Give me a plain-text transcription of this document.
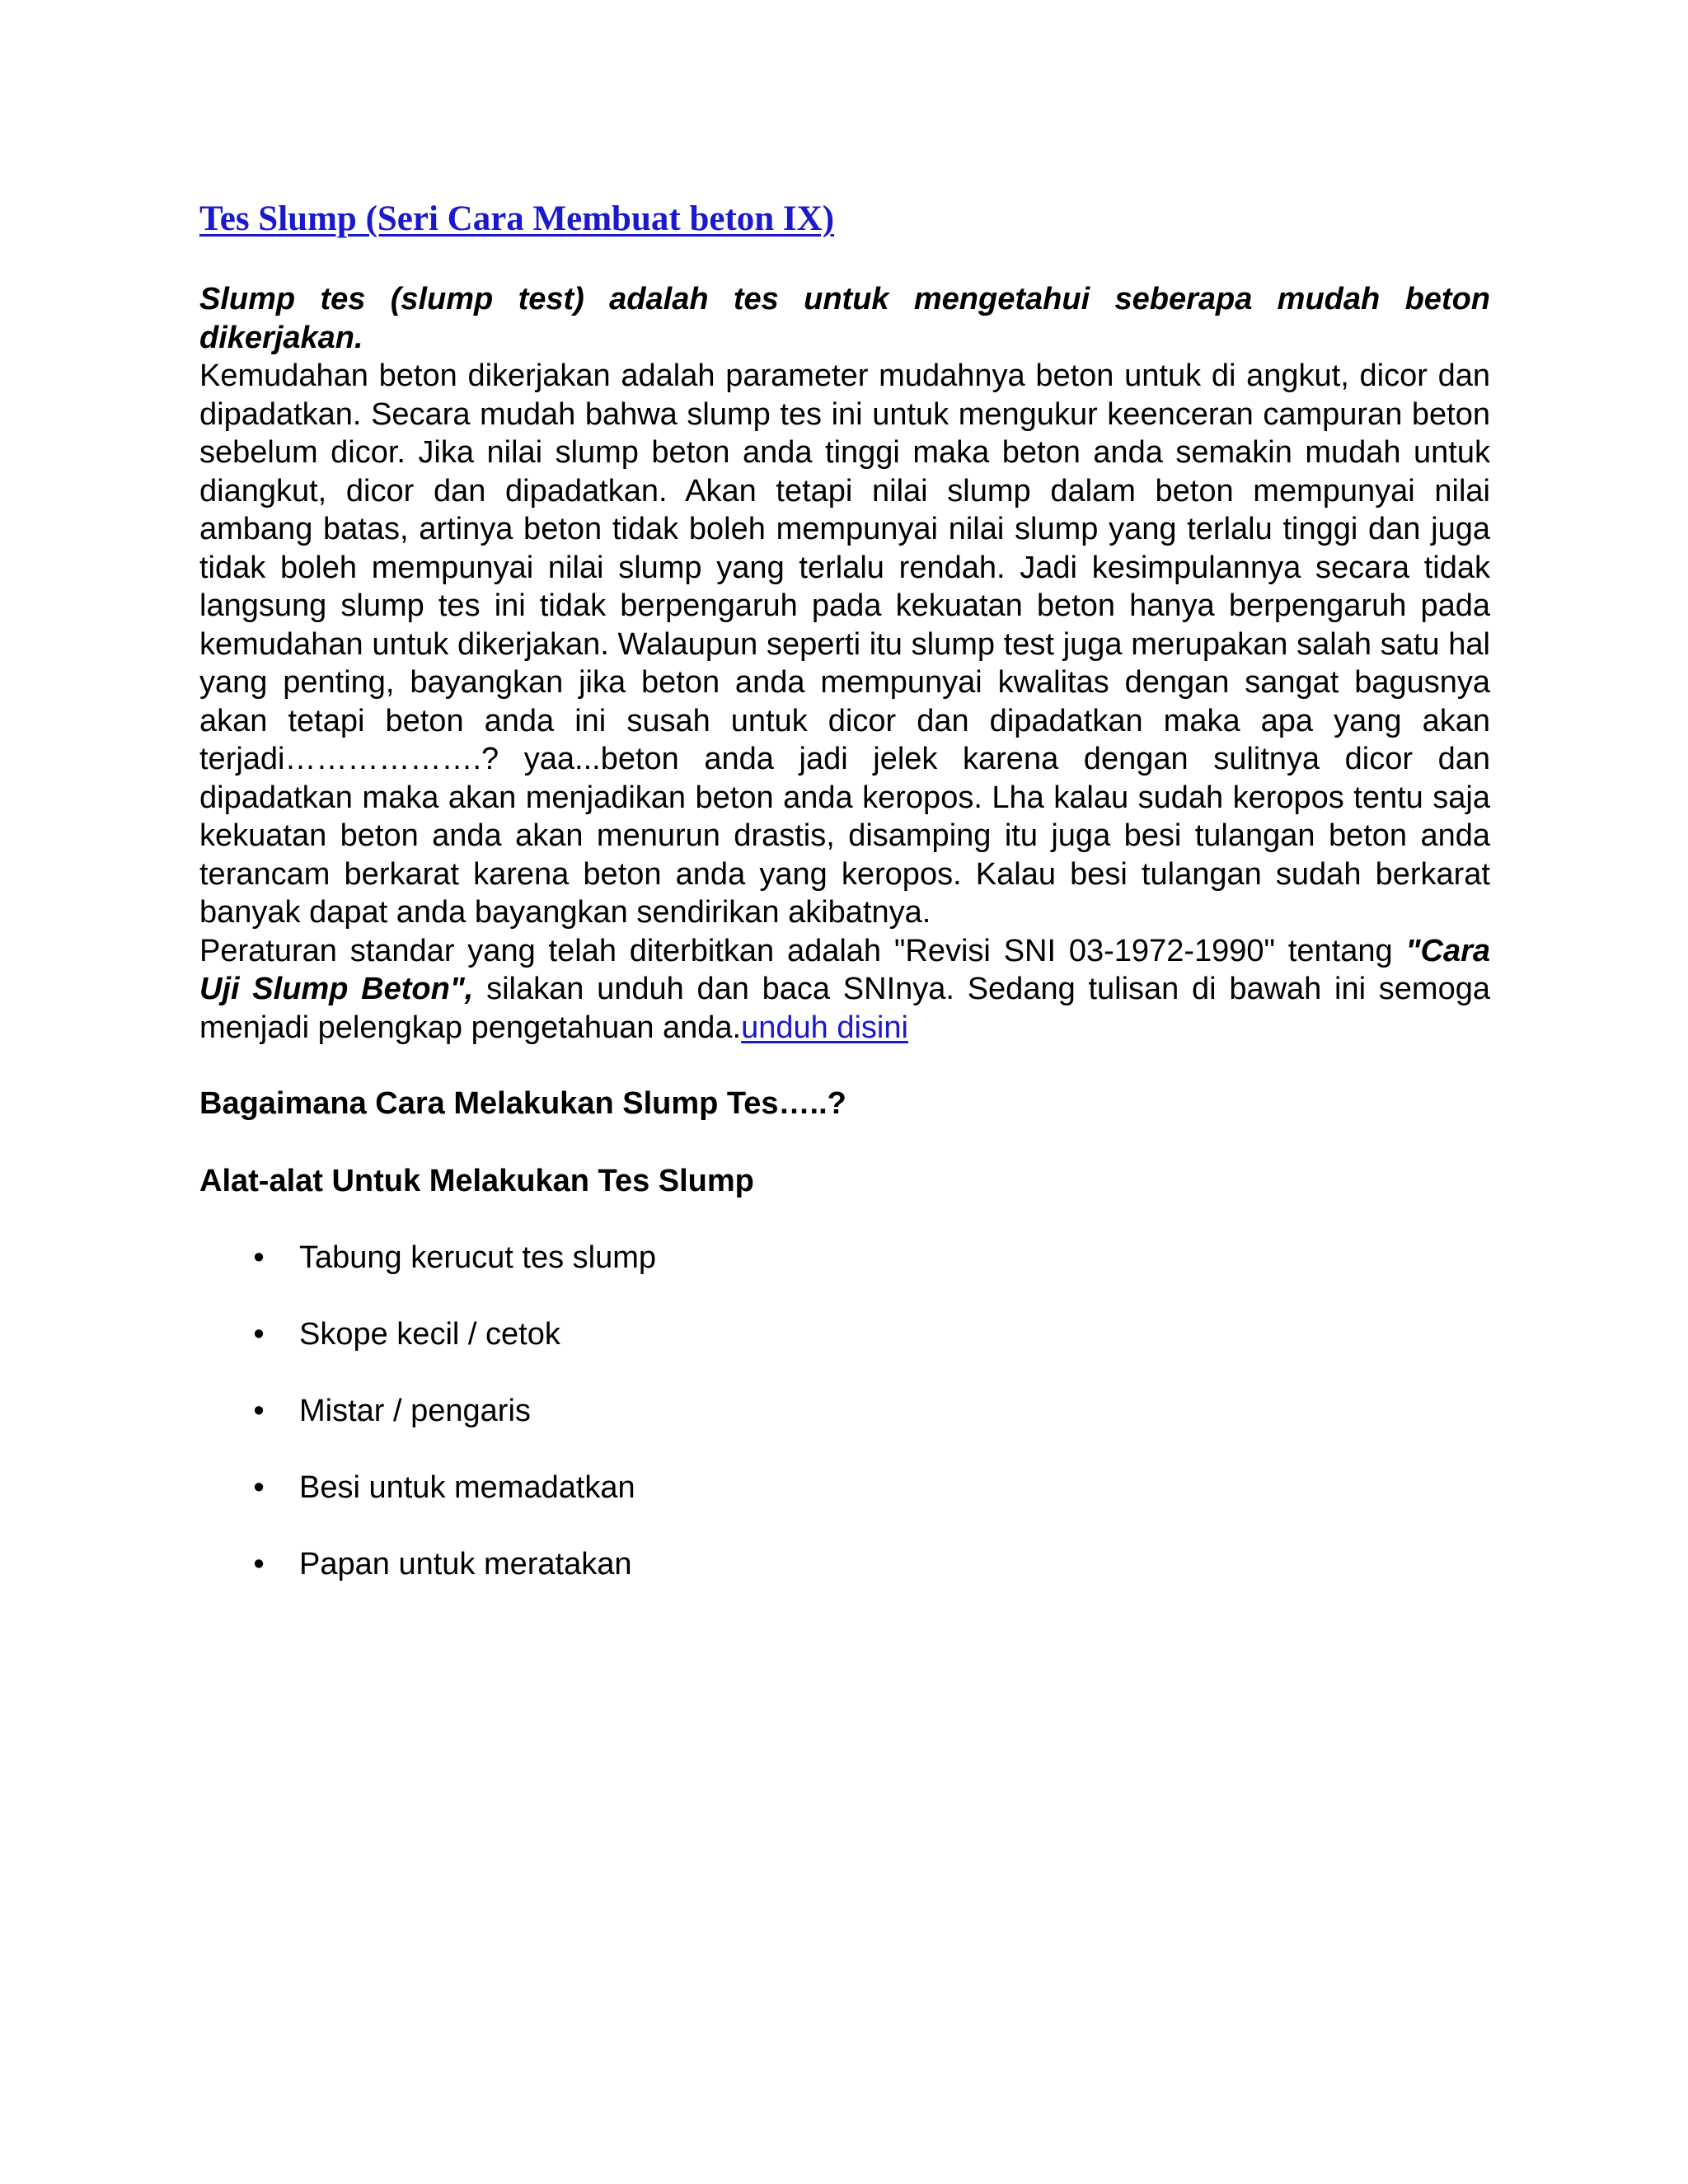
Tes Slump (Seri Cara Membuat beton IX)

Slump tes (slump test) adalah tes untuk mengetahui seberapa mudah beton dikerjakan.

Kemudahan beton dikerjakan adalah parameter mudahnya beton untuk di angkut, dicor dan dipadatkan. Secara mudah bahwa slump tes ini untuk mengukur keenceran campuran beton sebelum dicor. Jika nilai slump beton anda tinggi maka beton anda semakin mudah untuk diangkut, dicor dan dipadatkan. Akan tetapi nilai slump dalam beton mempunyai nilai ambang batas, artinya beton tidak boleh mempunyai nilai slump yang terlalu tinggi dan juga tidak boleh mempunyai nilai slump yang terlalu rendah. Jadi kesimpulannya secara tidak langsung slump tes ini tidak berpengaruh pada kekuatan beton hanya berpengaruh pada kemudahan untuk dikerjakan. Walaupun seperti itu slump test juga merupakan salah satu hal yang penting, bayangkan jika beton anda mempunyai kwalitas dengan sangat bagusnya akan tetapi beton anda ini susah untuk dicor dan dipadatkan maka apa yang akan terjadi……………….? yaa...beton anda jadi jelek karena dengan sulitnya dicor dan dipadatkan maka akan menjadikan beton anda keropos. Lha kalau sudah keropos tentu saja kekuatan beton anda akan menurun drastis, disamping itu juga besi tulangan beton anda terancam berkarat karena beton anda yang keropos. Kalau besi tulangan sudah berkarat banyak dapat anda bayangkan sendirikan akibatnya.

Peraturan standar yang telah diterbitkan adalah "Revisi SNI 03-1972-1990" tentang "Cara Uji Slump Beton", silakan unduh dan baca SNInya. Sedang tulisan di bawah ini semoga menjadi pelengkap pengetahuan anda.unduh disini

Bagaimana Cara Melakukan Slump Tes…..?

Alat-alat Untuk Melakukan Tes Slump

• Tabung kerucut tes slump
• Skope kecil / cetok
• Mistar / pengaris
• Besi untuk memadatkan
• Papan untuk meratakan
